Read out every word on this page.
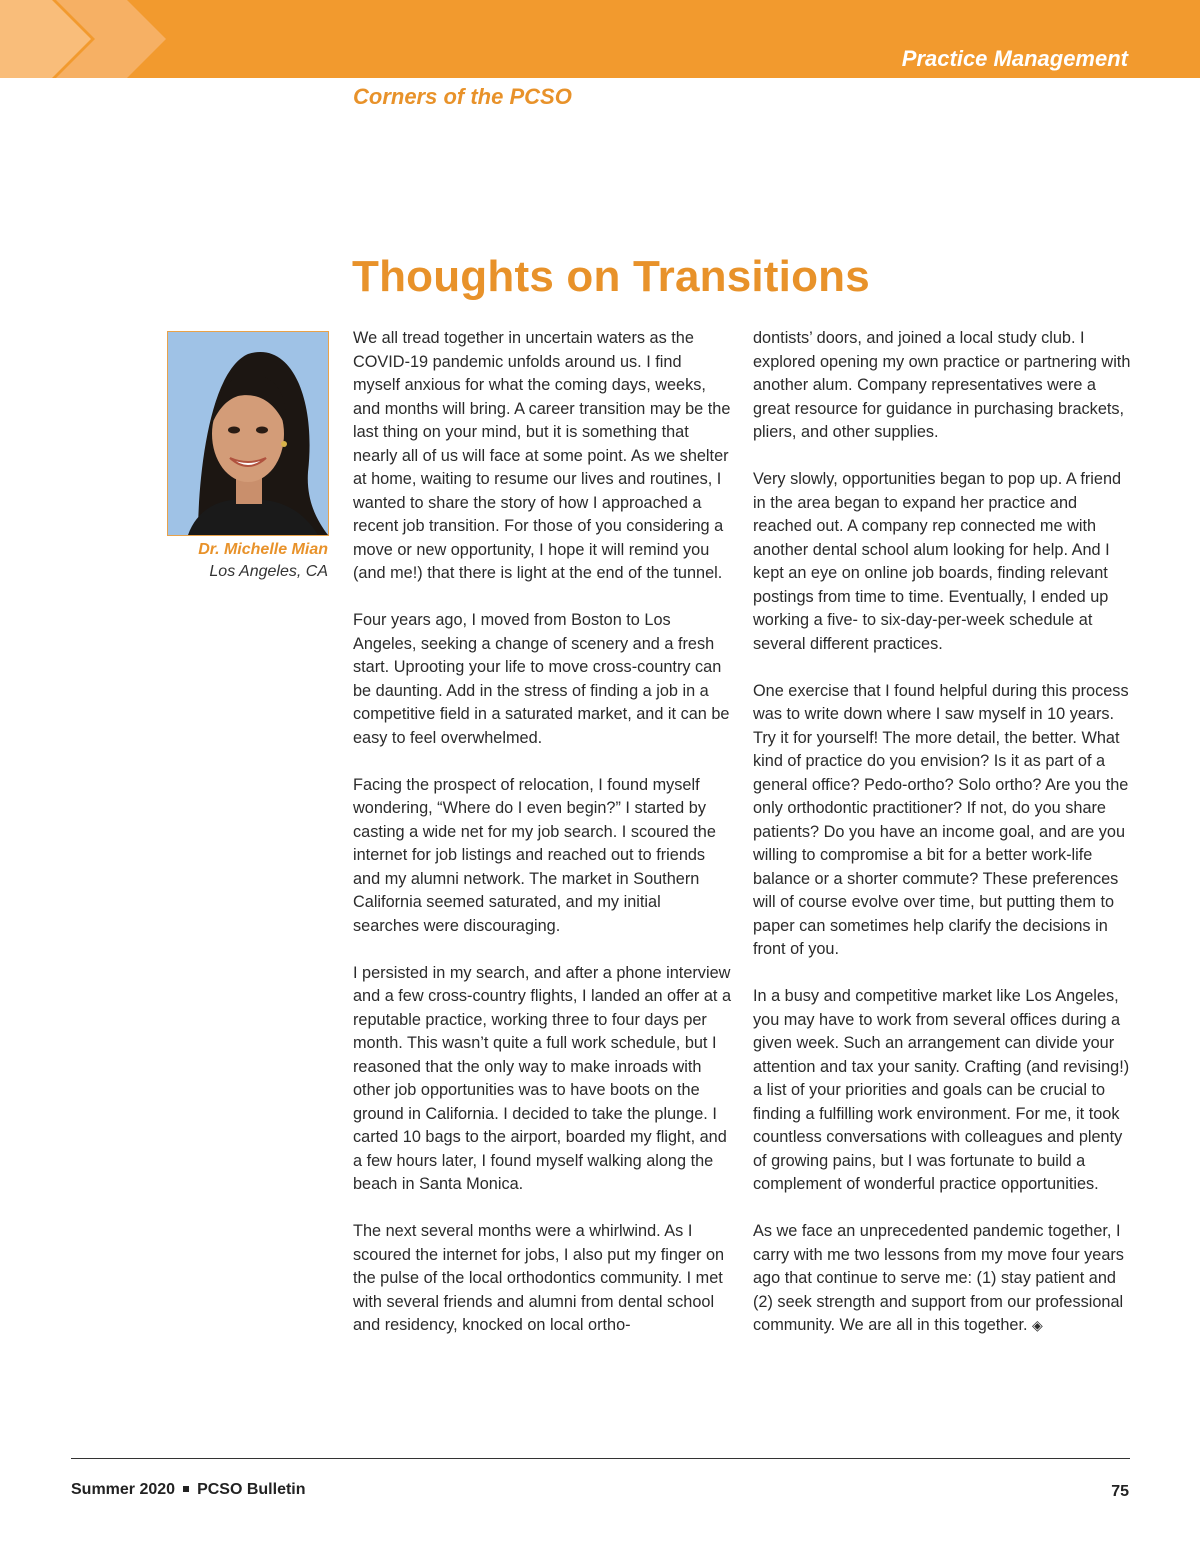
Practice Management
Corners of the PCSO
Thoughts on Transitions
Dr. Michelle Mian
Los Angeles, CA

We all tread together in uncertain waters as the COVID-19 pandemic unfolds around us. I find myself anxious for what the coming days, weeks, and months will bring. A career transition may be the last thing on your mind, but it is something that nearly all of us will face at some point. As we shelter at home, waiting to resume our lives and routines, I wanted to share the story of how I approached a recent job transition. For those of you considering a move or new opportunity, I hope it will remind you (and me!) that there is light at the end of the tunnel.

Four years ago, I moved from Boston to Los Angeles, seeking a change of scenery and a fresh start. Uprooting your life to move cross-country can be daunting. Add in the stress of finding a job in a competitive field in a saturated market, and it can be easy to feel overwhelmed.

Facing the prospect of relocation, I found myself wondering, “Where do I even begin?” I started by casting a wide net for my job search. I scoured the internet for job listings and reached out to friends and my alumni network. The market in Southern California seemed saturated, and my initial searches were discouraging.

I persisted in my search, and after a phone interview and a few cross-country flights, I landed an offer at a reputable practice, working three to four days per month. This wasn’t quite a full work schedule, but I reasoned that the only way to make inroads with other job opportunities was to have boots on the ground in California. I decided to take the plunge. I carted 10 bags to the airport, boarded my flight, and a few hours later, I found myself walking along the beach in Santa Monica.

The next several months were a whirlwind. As I scoured the internet for jobs, I also put my finger on the pulse of the local orthodontics community. I met with several friends and alumni from dental school and residency, knocked on local ortho-

dontists’ doors, and joined a local study club. I explored opening my own practice or partnering with another alum. Company representatives were a great resource for guidance in purchasing brackets, pliers, and other supplies.

Very slowly, opportunities began to pop up. A friend in the area began to expand her practice and reached out. A company rep connected me with another dental school alum looking for help. And I kept an eye on online job boards, finding relevant postings from time to time. Eventually, I ended up working a five- to six-day-per-week schedule at several different practices.

One exercise that I found helpful during this process was to write down where I saw myself in 10 years. Try it for yourself! The more detail, the better. What kind of practice do you envision? Is it as part of a general office? Pedo-ortho? Solo ortho? Are you the only orthodontic practitioner? If not, do you share patients? Do you have an income goal, and are you willing to compromise a bit for a better work-life balance or a shorter commute? These preferences will of course evolve over time, but putting them to paper can sometimes help clarify the decisions in front of you.

In a busy and competitive market like Los Angeles, you may have to work from several offices during a given week. Such an arrangement can divide your attention and tax your sanity. Crafting (and revising!) a list of your priorities and goals can be crucial to finding a fulfilling work environment. For me, it took countless conversations with colleagues and plenty of growing pains, but I was fortunate to build a complement of wonderful practice opportunities.

As we face an unprecedented pandemic together, I carry with me two lessons from my move four years ago that continue to serve me: (1) stay patient and (2) seek strength and support from our professional community. We are all in this together. ◈

Summer 2020 PCSO Bulletin	75
